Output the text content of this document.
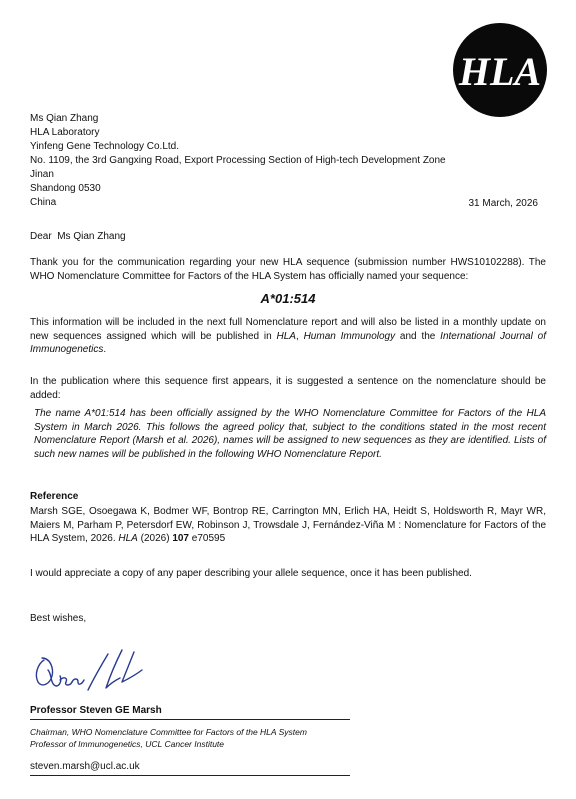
HLA
Ms Qian Zhang
HLA Laboratory
Yinfeng Gene Technology Co.Ltd.
No. 1109, the 3rd Gangxing Road, Export Processing Section of High-tech Development Zone
Jinan
Shandong 0530
China	31 March, 2026
Dear  Ms Qian Zhang
Thank you for the communication regarding your new HLA sequence (submission number HWS10102288). The WHO Nomenclature Committee for Factors of the HLA System has officially named your sequence:
A*01:514
This information will be included in the next full Nomenclature report and will also be listed in a monthly update on new sequences assigned which will be published in HLA, Human Immunology and the International Journal of Immunogenetics.
In the publication where this sequence first appears, it is suggested a sentence on the nomenclature should be added:
The name A*01:514 has been officially assigned by the WHO Nomenclature Committee for Factors of the HLA System in March 2026. This follows the agreed policy that, subject to the conditions stated in the most recent Nomenclature Report (Marsh et al. 2026), names will be assigned to new sequences as they are identified. Lists of such new names will be published in the following WHO Nomenclature Report.
Reference
Marsh SGE, Osoegawa K, Bodmer WF, Bontrop RE, Carrington MN, Erlich HA, Heidt S, Holdsworth R, Mayr WR, Maiers M, Parham P, Petersdorf EW, Robinson J, Trowsdale J, Fernández-Viña M : Nomenclature for Factors of the HLA System, 2026. HLA (2026) 107 e70595
I would appreciate a copy of any paper describing your allele sequence, once it has been published.
Best wishes,
Professor Steven GE Marsh
Chairman, WHO Nomenclature Committee for Factors of the HLA System
Professor of Immunogenetics, UCL Cancer Institute
steven.marsh@ucl.ac.uk
